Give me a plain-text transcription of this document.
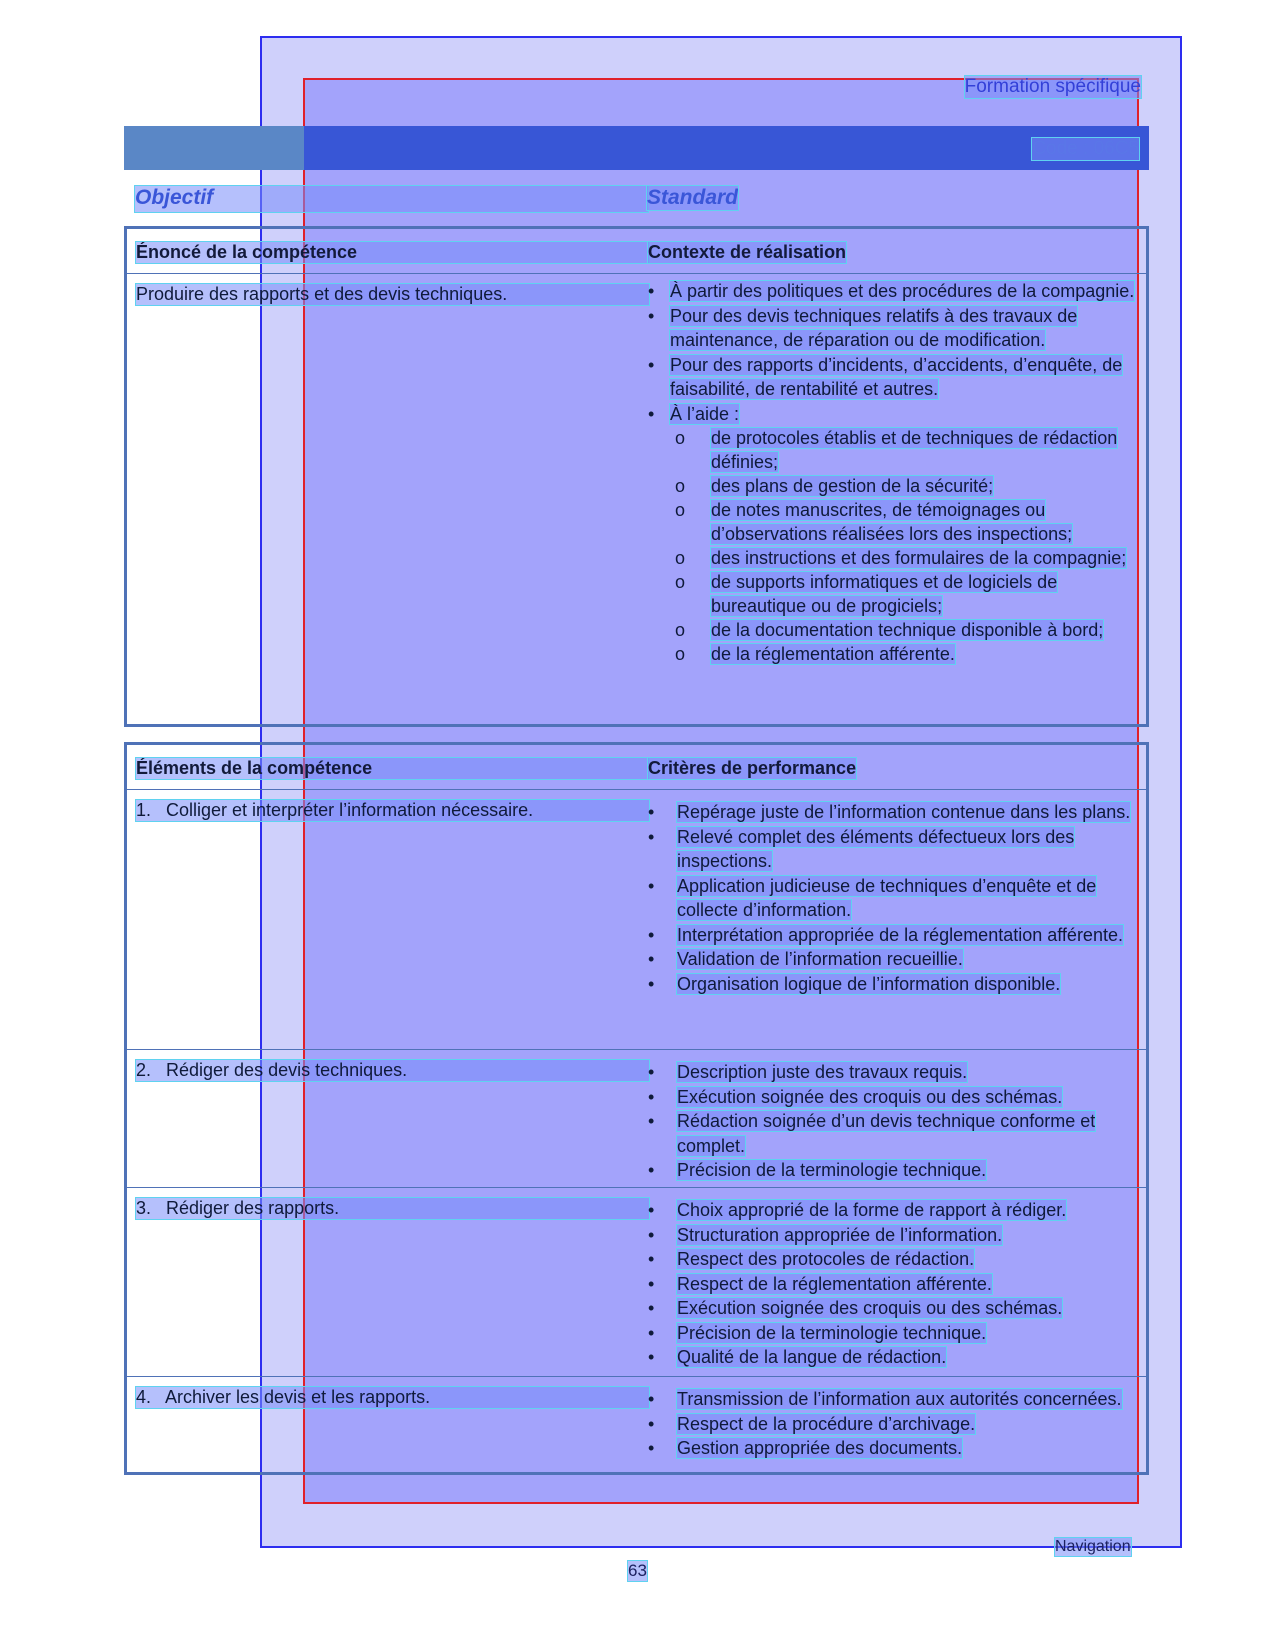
Formation spécifique
Code : 06C5
Objectif	Standard
Énoncé de la compétence	Contexte de réalisation
Produire des rapports et des devis techniques.	• À partir des politiques et des procédures de la compagnie.
• Pour des devis techniques relatifs à des travaux de maintenance, de réparation ou de modification.
• Pour des rapports d’incidents, d’accidents, d’enquête, de faisabilité, de rentabilité et autres.
• À l’aide :
o de protocoles établis et de techniques de rédaction définies;
o des plans de gestion de la sécurité;
o de notes manuscrites, de témoignages ou d’observations réalisées lors des inspections;
o des instructions et des formulaires de la compagnie;
o de supports informatiques et de logiciels de bureautique ou de progiciels;
o de la documentation technique disponible à bord;
o de la réglementation afférente.
Éléments de la compétence	Critères de performance
1.   Colliger et interpréter l’information nécessaire.	• Repérage juste de l’information contenue dans les plans.
• Relevé complet des éléments défectueux lors des inspections.
• Application judicieuse de techniques d’enquête et de collecte d’information.
• Interprétation appropriée de la réglementation afférente.
• Validation de l’information recueillie.
• Organisation logique de l’information disponible.
2.   Rédiger des devis techniques.	• Description juste des travaux requis.
• Exécution soignée des croquis ou des schémas.
• Rédaction soignée d’un devis technique conforme et complet.
• Précision de la terminologie technique.
3.   Rédiger des rapports.	• Choix approprié de la forme de rapport à rédiger.
• Structuration appropriée de l’information.
• Respect des protocoles de rédaction.
• Respect de la réglementation afférente.
• Exécution soignée des croquis ou des schémas.
• Précision de la terminologie technique.
• Qualité de la langue de rédaction.
4.   Archiver les devis et les rapports.	• Transmission de l’information aux autorités concernées.
• Respect de la procédure d’archivage.
• Gestion appropriée des documents.
Navigation
63
